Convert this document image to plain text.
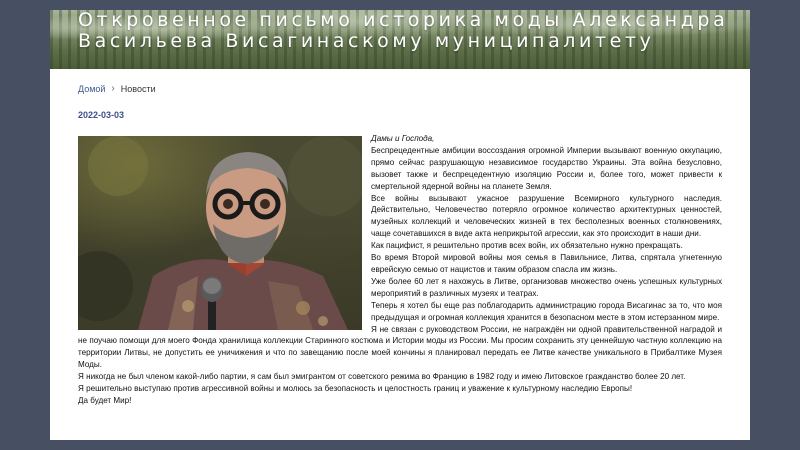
Откровенное письмо историка моды Александра Васильева Висагинаскому муниципалитету
Домой › Новости
2022-03-03

Дамы и Господа,

Беспрецедентные амбиции воссоздания огромной Империи вызывают военную оккупацию, прямо сейчас разрушающую независимое государство Украины. Эта война безусловно, вызовет также и беспрецедентную изоляцию России и, более того, может привести к смертельной ядерной войны на планете Земля.

Все войны вызывают ужасное разрушение Всемирного культурного наследия. Действительно, Человечество потеряло огромное количество архитектурных ценностей, музейных коллекций и человеческих жизней в тех бесполезных военных столкновениях, чаще сочетавшихся в виде акта неприкрытой агрессии, как это происходит в наши дни.

Как пацифист, я решительно против всех войн, их обязательно нужно прекращать.

Во время Второй мировой войны моя семья в Павильнисе, Литва, спрятала угнетенную еврейскую семью от нацистов и таким образом спасла им жизнь.

Уже более 60 лет я нахожусь в Литве, организовав множество очень успешных культурных мероприятий в различных музеях и театрах.

Теперь я хотел бы еще раз поблагодарить администрацию города Висагинас за то, что моя предыдущая и огромная коллекция хранится в безопасном месте в этом истерзанном мире.

Я не связан с руководством России, не награждён ни одной правительственной наградой и не поучаю помощи для моего Фонда хранилища коллекции Старинного костюма и Истории моды из России. Мы просим сохранить эту ценнейшую частную коллекцию на территории Литвы, не допустить ее уничижения и что по завещанию после моей кончины я планировал передать ее Литве качестве уникального в Прибалтике Музея Моды.

Я никогда не был членом какой-либо партии, я сам был эмигрантом от советского режима во Францию в 1982 году и имею Литовское гражданство более 20 лет.

Я решительно выступаю против агрессивной войны и молюсь за безопасность и целостность границ и уважение к культурному наследию Европы!

Да будет Мир!
